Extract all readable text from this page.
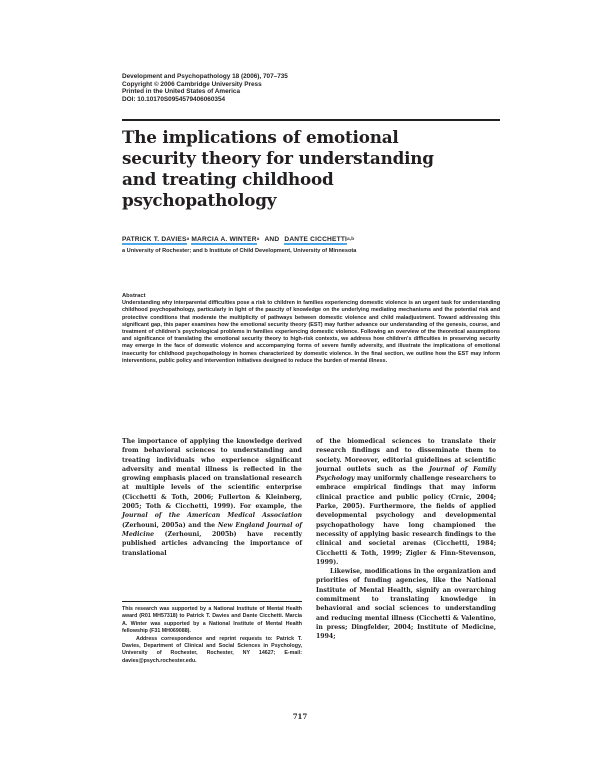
Development and Psychopathology 18 (2006), 707–735
Copyright © 2006 Cambridge University Press
Printed in the United States of America
DOI: 10.10170S0954579406060354
The implications of emotional security theory for understanding and treating childhood psychopathology
PATRICK T. DAVIES$^a$ MARCIA A. WINTER$^a$ AND DANTE CICCHETTI$^{a,b}$
a University of Rochester; and b Institute of Child Development, University of Minnesota
Abstract
Understanding why interparental difficulties pose a risk to children in families experiencing domestic violence is an urgent task for understanding childhood psychopathology, particularly in light of the paucity of knowledge on the underlying mediating mechanisms and the potential risk and protective conditions that moderate the multiplicity of pathways between domestic violence and child maladjustment. Toward addressing this significant gap, this paper examines how the emotional security theory (EST) may further advance our understanding of the genesis, course, and treatment of children's psychological problems in families experiencing domestic violence. Following an overview of the theoretical assumptions and significance of translating the emotional security theory to high-risk contexts, we address how children's difficulties in preserving security may emerge in the face of domestic violence and accompanying forms of severe family adversity, and illustrate the implications of emotional insecurity for childhood psychopathology in homes characterized by domestic violence. In the final section, we outline how the EST may inform interventions, public policy and intervention initiatives designed to reduce the burden of mental illness.

The importance of applying the knowledge derived from behavioral sciences to understanding and treating individuals who experience significant adversity and mental illness is reflected in the growing emphasis placed on translational research at multiple levels of the scientific enterprise (Cicchetti & Toth, 2006; Fullerton & Kleinberg, 2005; Toth & Cicchetti, 1999). For example, the Journal of the American Medical Association (Zerhouni, 2005a) and the New England Journal of Medicine (Zerhouni, 2005b) have recently published articles advancing the importance of translational

This research was supported by a National Institute of Mental Health award (R01 MH57318) to Patrick T. Davies and Dante Cicchetti. Marcia A. Winter was supported by a National Institute of Mental Health fellowship (F31 MH069088).

Address correspondence and reprint requests to: Patrick T. Davies, Department of Clinical and Social Sciences in Psychology, University of Rochester, Rochester, NY 14627; E-mail: davies@psych.rochester.edu.

of the biomedical sciences to translate their research findings and to disseminate them to society. Moreover, editorial guidelines at scientific journal outlets such as the Journal of Family Psychology may uniformly challenge researchers to embrace empirical findings that may inform clinical practice and public policy (Crnic, 2004; Parke, 2005). Furthermore, the fields of applied developmental psychology and developmental psychopathology have long championed the necessity of applying basic research findings to the clinical and societal arenas (Cicchetti, 1984; Cicchetti & Toth, 1999; Zigler & Finn-Stevenson, 1999).

Likewise, modifications in the organization and priorities of funding agencies, like the National Institute of Mental Health, signify an overarching commitment to translating knowledge in behavioral and social sciences to understanding and reducing mental illness (Cicchetti & Valentino, in press; Dingfelder, 2004; Institute of Medicine, 1994;

717
